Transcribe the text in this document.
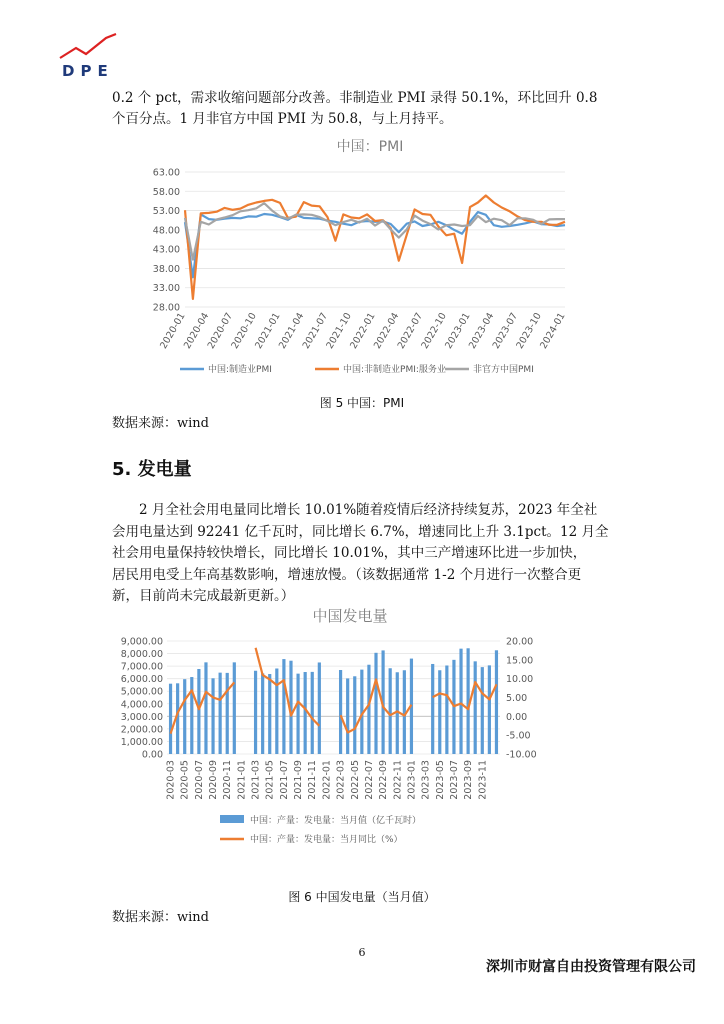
DPE
0.2 个 pct，需求收缩问题部分改善。非制造业 PMI 录得 50.1%，环比回升 0.8
个百分点。1 月非官方中国 PMI 为 50.8，与上月持平。
中国：PMI
28.00
33.00
38.00
43.00
48.00
53.00
58.00
63.00
2020-01
2020-04
2020-07
2020-10
2021-01
2021-04
2021-07
2021-10
2022-01
2022-04
2022-07
2022-10
2023-01
2023-04
2023-07
2023-10
2024-01
中国:制造业PMI	中国:非制造业PMI:服务业	非官方中国PMI
图 5 中国：PMI
数据来源：wind
5. 发电量
2 月全社会用电量同比增长 10.01%随着疫情后经济持续复苏，2023 年全社
会用电量达到 92241 亿千瓦时，同比增长 6.7%，增速同比上升 3.1pct。12 月全
社会用电量保持较快增长，同比增长 10.01%，其中三产增速环比进一步加快，
居民用电受上年高基数影响，增速放慢。（该数据通常 1-2 个月进行一次整合更
新，目前尚未完成最新更新。）
中国发电量
0.00
1,000.00
2,000.00
3,000.00
4,000.00
5,000.00
6,000.00
7,000.00
8,000.00
9,000.00
-10.00
-5.00
0.00
5.00
10.00
15.00
20.00
2020-03 2020-05 2020-07 2020-09 2020-11 2021-01 2021-03 2021-05 2021-07 2021-09 2021-11 2022-01 2022-03 2022-05 2022-07 2022-09 2022-11 2023-01 2023-03 2023-05 2023-07 2023-09 2023-11
中国：产量：发电量：当月值（亿千瓦时）
中国：产量：发电量：当月同比（%）
图 6 中国发电量（当月值）
数据来源：wind
6
深圳市财富自由投资管理有限公司
